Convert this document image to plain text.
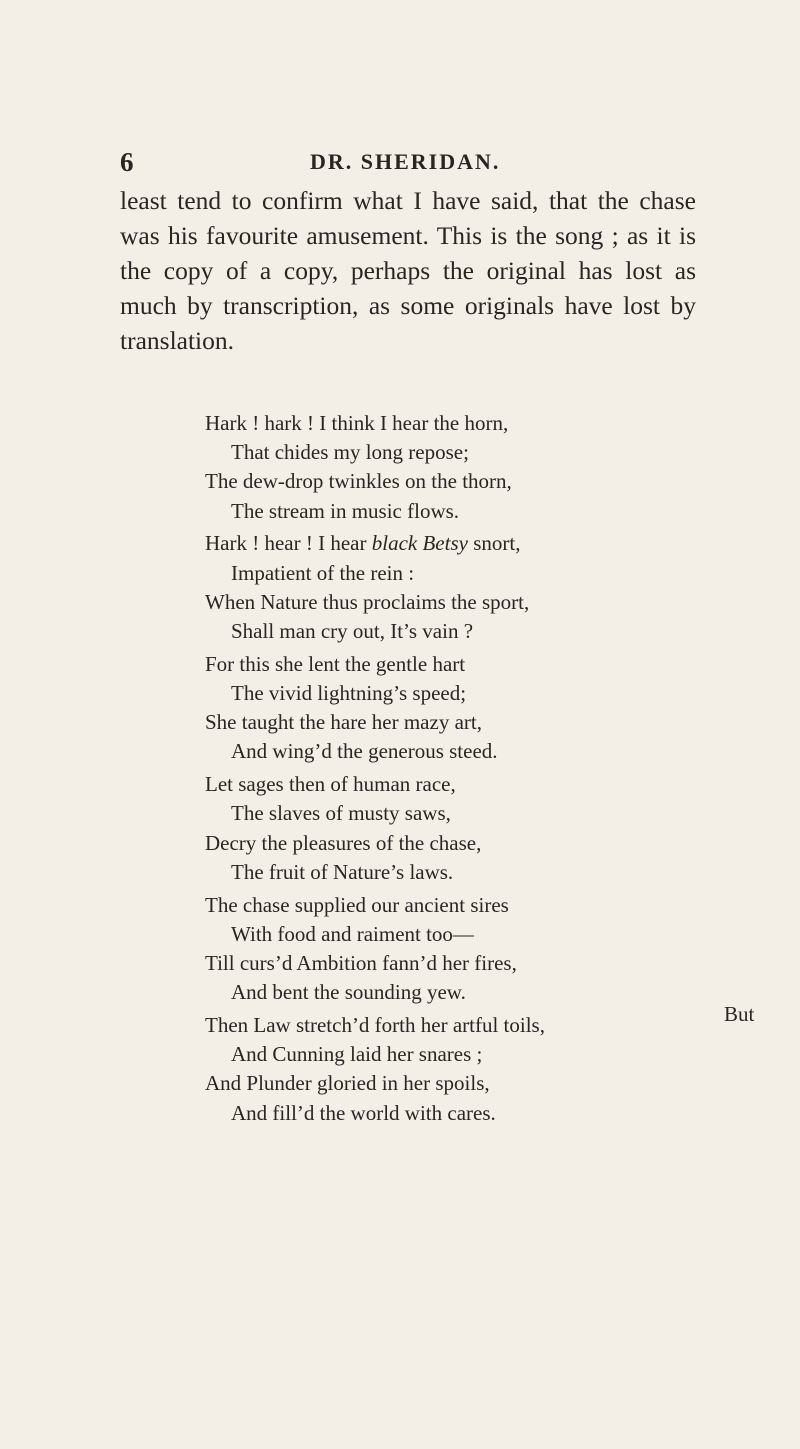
6	DR. SHERIDAN.

least tend to confirm what I have said, that the chase was his favourite amusement. This is the song ; as it is the copy of a copy, perhaps the original has lost as much by transcription, as some originals have lost by translation.

Hark ! hark ! I think I hear the horn,
That chides my long repose;
The dew-drop twinkles on the thorn,
The stream in music flows.
Hark ! hear ! I hear black Betsy snort,
Impatient of the rein :
When Nature thus proclaims the sport,
Shall man cry out, It’s vain ?
For this she lent the gentle hart
The vivid lightning’s speed;
She taught the hare her mazy art,
And wing’d the generous steed.
Let sages then of human race,
The slaves of musty saws,
Decry the pleasures of the chase,
The fruit of Nature’s laws.
The chase supplied our ancient sires
With food and raiment too—
Till curs’d Ambition fann’d her fires,
And bent the sounding yew.
Then Law stretch’d forth her artful toils,
And Cunning laid her snares ;
And Plunder gloried in her spoils,
And fill’d the world with cares.
But
